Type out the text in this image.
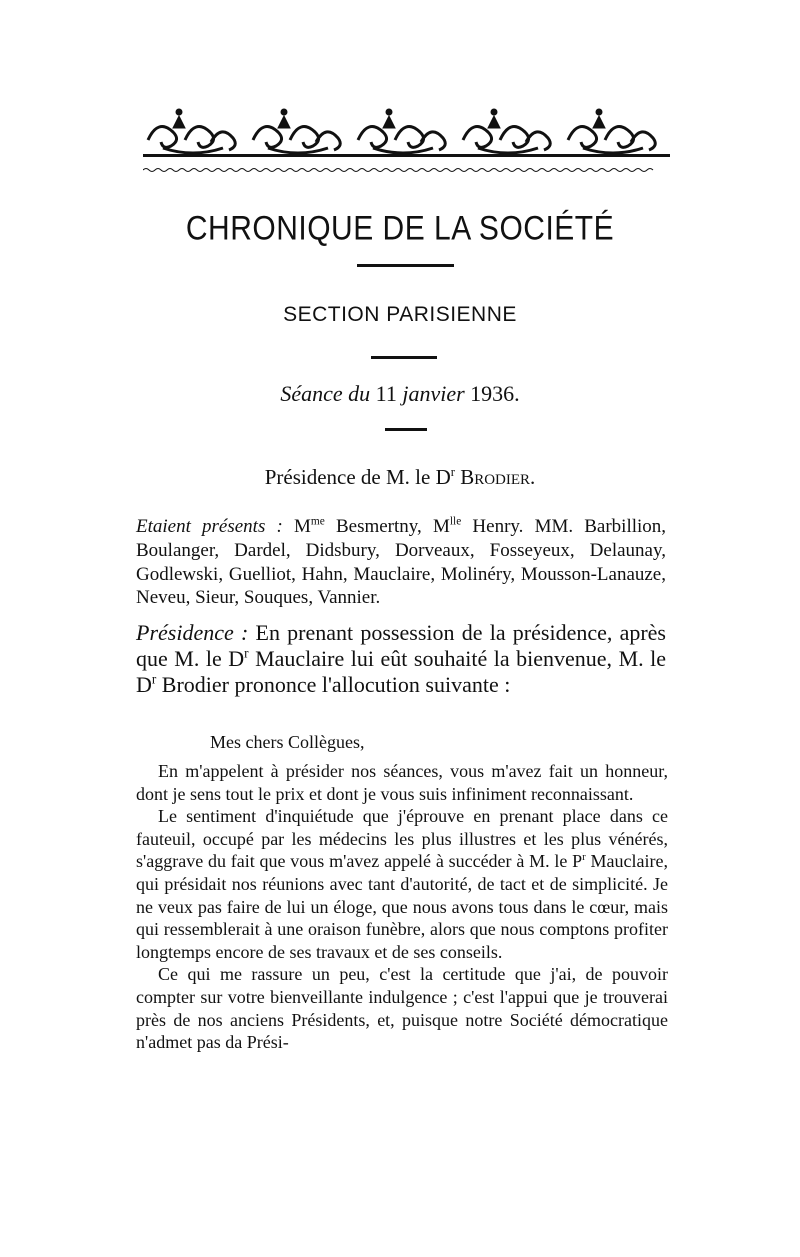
CHRONIQUE DE LA SOCIÉTÉ
SECTION PARISIENNE
Séance du 11 janvier 1936.
Présidence de M. le $D^r$ Brodier.
Etaient présents : $M^{me}$ Besmertny, $M^{lle}$ Henry. MM. Barbillion, Boulanger, Dardel, Didsbury, Dorveaux, Fosseyeux, Delaunay, Godlewski, Guelliot, Hahn, Mauclaire, Molinéry, Mousson-Lanauze, Neveu, Sieur, Souques, Vannier.
Présidence : En prenant possession de la présidence, après que M. le $D^r$ Mauclaire lui eût souhaité la bienvenue, M. le $D^r$ Brodier prononce l'allocution suivante :
Mes chers Collègues,

En m'appelent à présider nos séances, vous m'avez fait un honneur, dont je sens tout le prix et dont je vous suis infiniment reconnaissant.

Le sentiment d'inquiétude que j'éprouve en prenant place dans ce fauteuil, occupé par les médecins les plus illustres et les plus vénérés, s'aggrave du fait que vous m'avez appelé à succéder à M. le $P^r$ Mauclaire, qui présidait nos réunions avec tant d'autorité, de tact et de simplicité. Je ne veux pas faire de lui un éloge, que nous avons tous dans le cœur, mais qui ressemblerait à une oraison funèbre, alors que nous comptons profiter longtemps encore de ses travaux et de ses conseils.

Ce qui me rassure un peu, c'est la certitude que j'ai, de pouvoir compter sur votre bienveillante indulgence ; c'est l'appui que je trouverai près de nos anciens Présidents, et, puisque notre Société démocratique n'admet pas da Prési-
